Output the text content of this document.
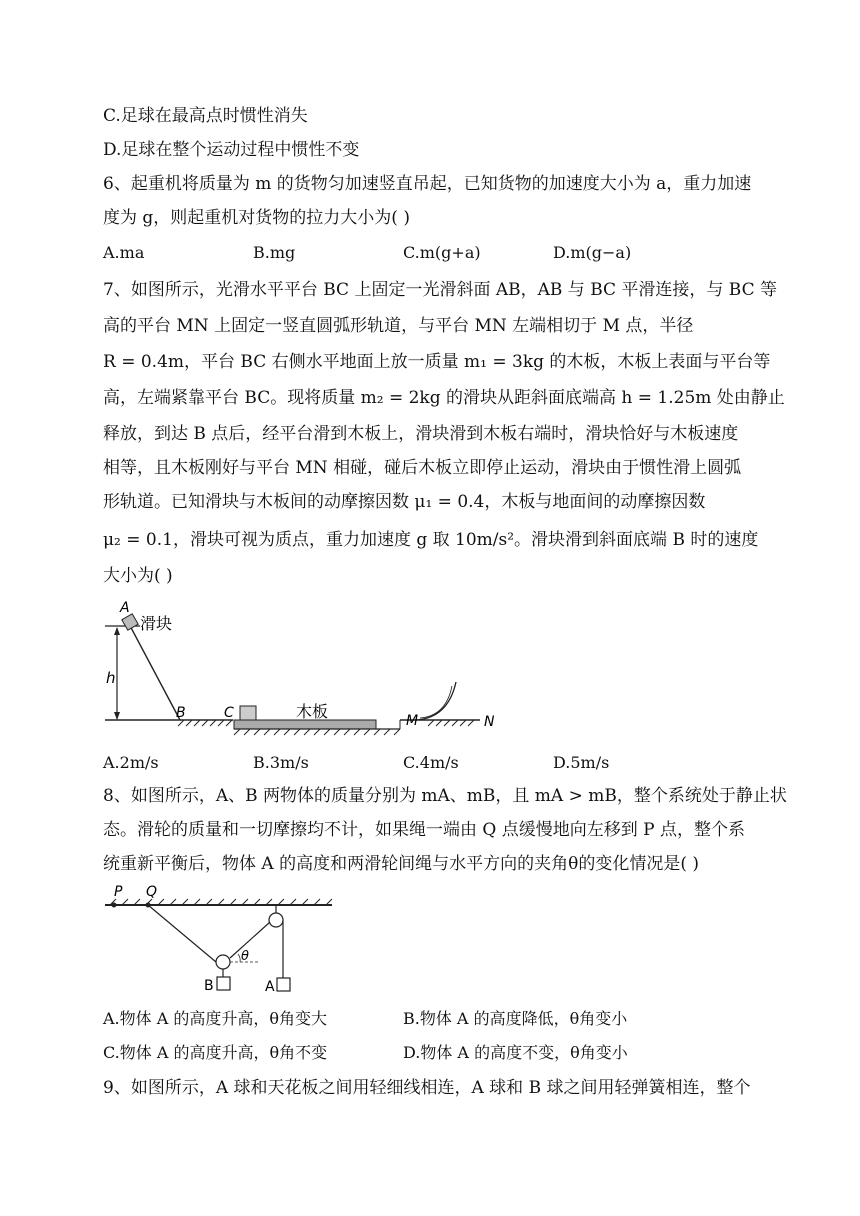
C.足球在最高点时惯性消失
D.足球在整个运动过程中惯性不变
6、起重机将质量为 m 的货物匀加速竖直吊起，已知货物的加速度大小为 a，重力加速
度为 g，则起重机对货物的拉力大小为( )
A.ma	B.mg	C.m(g+a)	D.m(g−a)
7、如图所示，光滑水平平台 BC 上固定一光滑斜面 AB，AB 与 BC 平滑连接，与 BC 等
高的平台 MN 上固定一竖直圆弧形轨道，与平台 MN 左端相切于 M 点，半径
R = 0.4m，平台 BC 右侧水平地面上放一质量 m₁ = 3kg 的木板，木板上表面与平台等
高，左端紧靠平台 BC。现将质量 m₂ = 2kg 的滑块从距斜面底端高 h = 1.25m 处由静止
释放，到达 B 点后，经平台滑到木板上，滑块滑到木板右端时，滑块恰好与木板速度
相等，且木板刚好与平台 MN 相碰，碰后木板立即停止运动，滑块由于惯性滑上圆弧
形轨道。已知滑块与木板间的动摩擦因数 μ₁ = 0.4，木板与地面间的动摩擦因数
μ₂ = 0.1，滑块可视为质点，重力加速度 g 取 10m/s²。滑块滑到斜面底端 B 时的速度
大小为( )
h
A
滑块
B	C	木板	M	N
A.2m/s	B.3m/s	C.4m/s	D.5m/s
8、如图所示，A、B 两物体的质量分别为 mA、mB，且 mA > mB，整个系统处于静止状
态。滑轮的质量和一切摩擦均不计，如果绳一端由 Q 点缓慢地向左移到 P 点，整个系
统重新平衡后，物体 A 的高度和两滑轮间绳与水平方向的夹角θ的变化情况是( )
P Q
θ
B	A
A.物体 A 的高度升高，θ角变大	B.物体 A 的高度降低，θ角变小
C.物体 A 的高度升高，θ角不变	D.物体 A 的高度不变，θ角变小
9、如图所示，A 球和天花板之间用轻细线相连，A 球和 B 球之间用轻弹簧相连，整个
